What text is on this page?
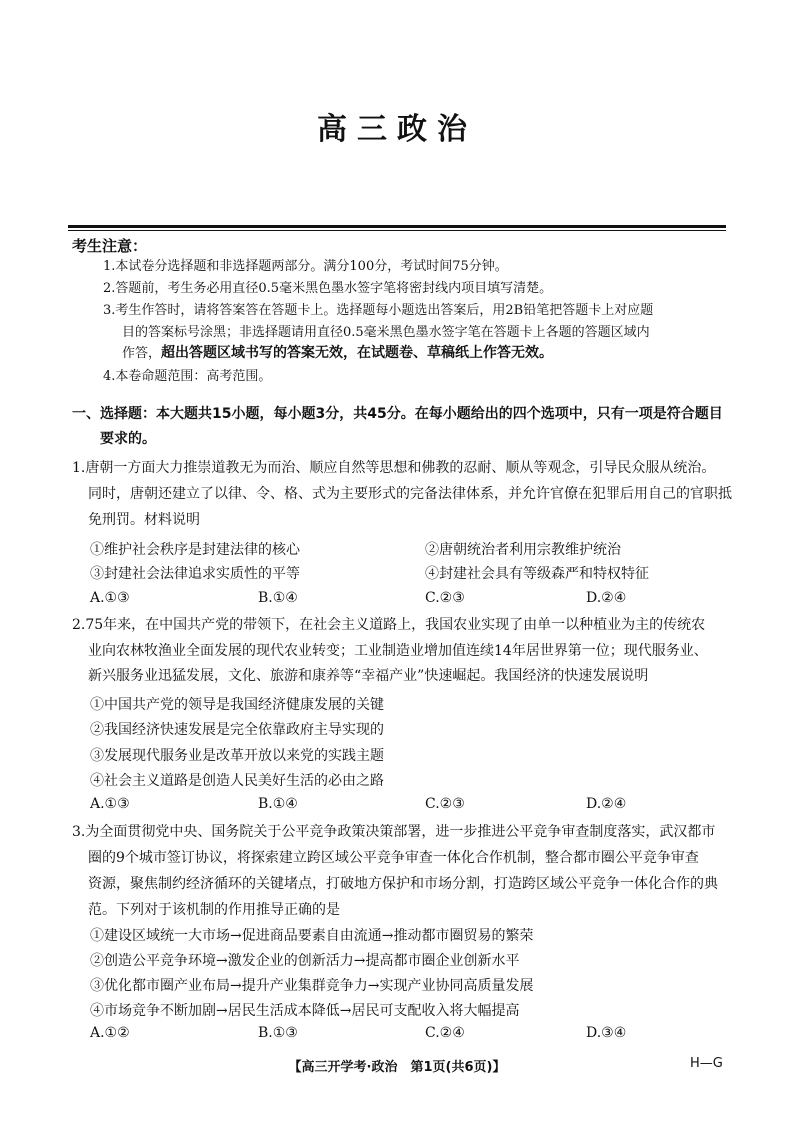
高三政治
考生注意：
1.本试卷分选择题和非选择题两部分。满分100分，考试时间75分钟。
2.答题前，考生务必用直径0.5毫米黑色墨水签字笔将密封线内项目填写清楚。
3.考生作答时，请将答案答在答题卡上。选择题每小题选出答案后，用2B铅笔把答题卡上对应题
目的答案标号涂黑；非选择题请用直径0.5毫米黑色墨水签字笔在答题卡上各题的答题区域内
作答，超出答题区域书写的答案无效，在试题卷、草稿纸上作答无效。
4.本卷命题范围：高考范围。
一、选择题：本大题共15小题，每小题3分，共45分。在每小题给出的四个选项中，只有一项是符合题目
要求的。
1.唐朝一方面大力推崇道教无为而治、顺应自然等思想和佛教的忍耐、顺从等观念，引导民众服从统治。
同时，唐朝还建立了以律、令、格、式为主要形式的完备法律体系，并允许官僚在犯罪后用自己的官职抵
免刑罚。材料说明
①维护社会秩序是封建法律的核心	②唐朝统治者利用宗教维护统治
③封建社会法律追求实质性的平等	④封建社会具有等级森严和特权特征
A.①③	B.①④	C.②③	D.②④
2.75年来，在中国共产党的带领下，在社会主义道路上，我国农业实现了由单一以种植业为主的传统农
业向农林牧渔业全面发展的现代农业转变；工业制造业增加值连续14年居世界第一位；现代服务业、
新兴服务业迅猛发展，文化、旅游和康养等“幸福产业”快速崛起。我国经济的快速发展说明
①中国共产党的领导是我国经济健康发展的关键
②我国经济快速发展是完全依靠政府主导实现的
③发展现代服务业是改革开放以来党的实践主题
④社会主义道路是创造人民美好生活的必由之路
A.①③	B.①④	C.②③	D.②④
3.为全面贯彻党中央、国务院关于公平竞争政策决策部署，进一步推进公平竞争审查制度落实，武汉都市
圈的9个城市签订协议，将探索建立跨区域公平竞争审查一体化合作机制，整合都市圈公平竞争审查
资源，聚焦制约经济循环的关键堵点，打破地方保护和市场分割，打造跨区域公平竞争一体化合作的典
范。下列对于该机制的作用推导正确的是
①建设区域统一大市场→促进商品要素自由流通→推动都市圈贸易的繁荣
②创造公平竞争环境→激发企业的创新活力→提高都市圈企业创新水平
③优化都市圈产业布局→提升产业集群竞争力→实现产业协同高质量发展
④市场竞争不断加剧→居民生活成本降低→居民可支配收入将大幅提高
A.①②	B.①③	C.②④	D.③④
【高三开学考·政治　第1页(共6页)】	H—G
